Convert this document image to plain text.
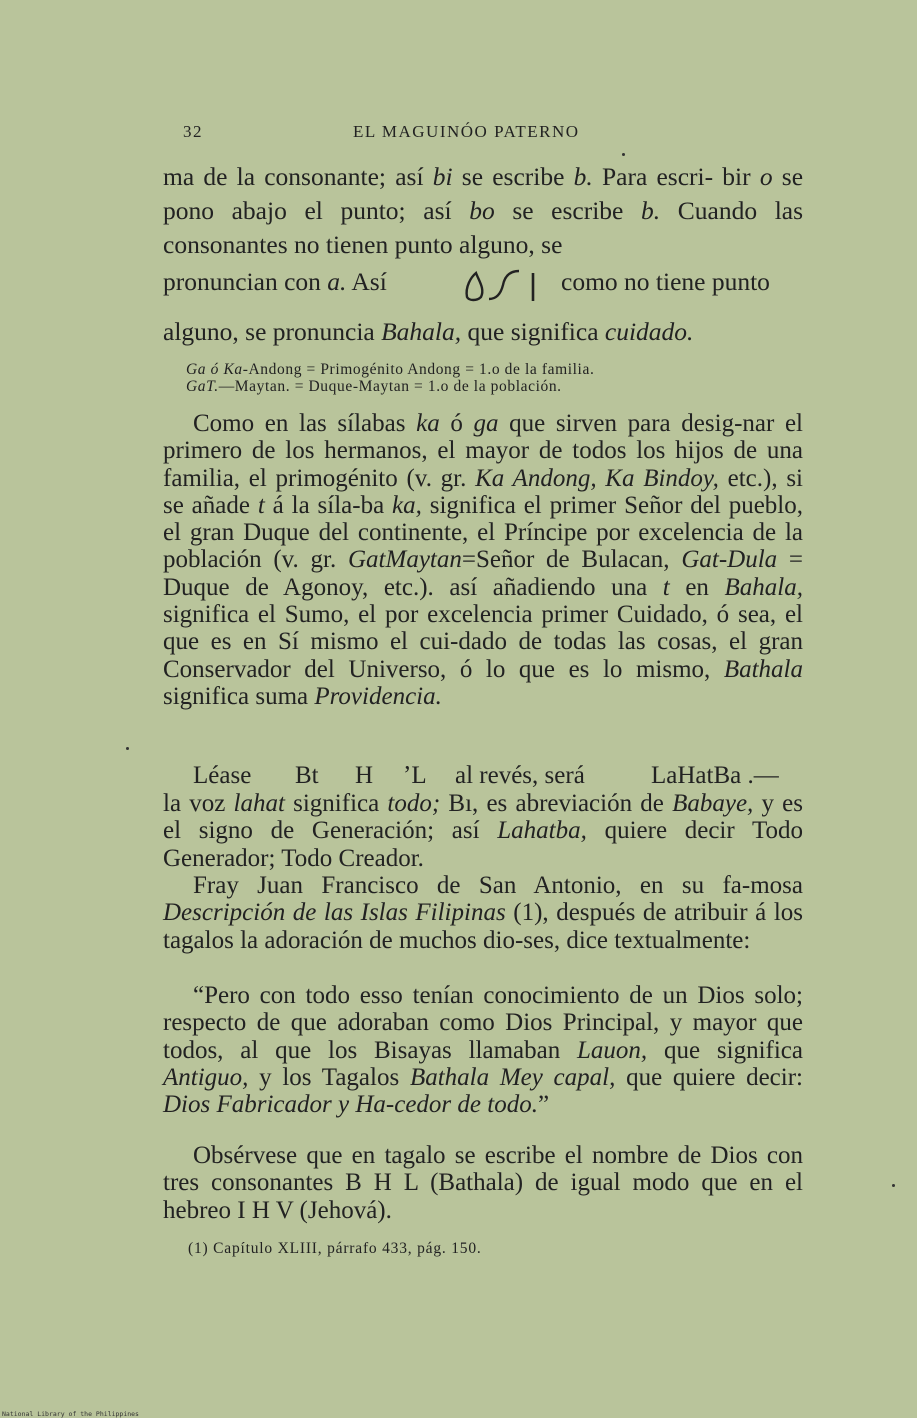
32	EL MAGUINÓO PATERNO
ma de la consonante; así bi se escribe b. Para escri- bir o se pono abajo el punto; así bo se escribe b. Cuando las consonantes no tienen punto alguno, se
pronuncian con a. Así	como no tiene punto
alguno, se pronuncia Bahala, que significa cuidado.
Ga ó Ka-Andong = Primogénito Andong = 1.o de la familia.
GaT.—Maytan. = Duque-Maytan = 1.o de la población.
Como en las sílabas ka ó ga que sirven para desig-nar el primero de los hermanos, el mayor de todos los hijos de una familia, el primogénito (v. gr. Ka Andong, Ka Bindoy, etc.), si se añade t á la síla-ba ka, significa el primer Señor del pueblo, el gran Duque del continente, el Príncipe por excelencia de la población (v. gr. GatMaytan=Señor de Bulacan, Gat-Dula = Duque de Agonoy, etc.). así añadiendo una t en Bahala, significa el Sumo, el por excelencia primer Cuidado, ó sea, el que es en Sí mismo el cui-dado de todas las cosas, el gran Conservador del Universo, ó lo que es lo mismo, Bathala significa suma Providencia.
Léase Bt H ʼL al revés, será	LaHatBa .—
la voz lahat significa todo; Bı, es abreviación de Babaye, y es el signo de Generación; así Lahatba, quiere decir Todo Generador; Todo Creador.
Fray Juan Francisco de San Antonio, en su fa-mosa Descripción de las Islas Filipinas (1), después de atribuir á los tagalos la adoración de muchos dio-ses, dice textualmente:
“Pero con todo esso tenían conocimiento de un Dios solo; respecto de que adoraban como Dios Principal, y mayor que todos, al que los Bisayas llamaban Lauon, que significa Antiguo, y los Tagalos Bathala Mey capal, que quiere decir: Dios Fabricador y Ha-cedor de todo.”
Obsérvese que en tagalo se escribe el nombre de Dios con tres consonantes B H L (Bathala) de igual modo que en el hebreo I H V (Jehová).
(1) Capítulo XLIII, párrafo 433, pág. 150.
National Library of the Philippines
